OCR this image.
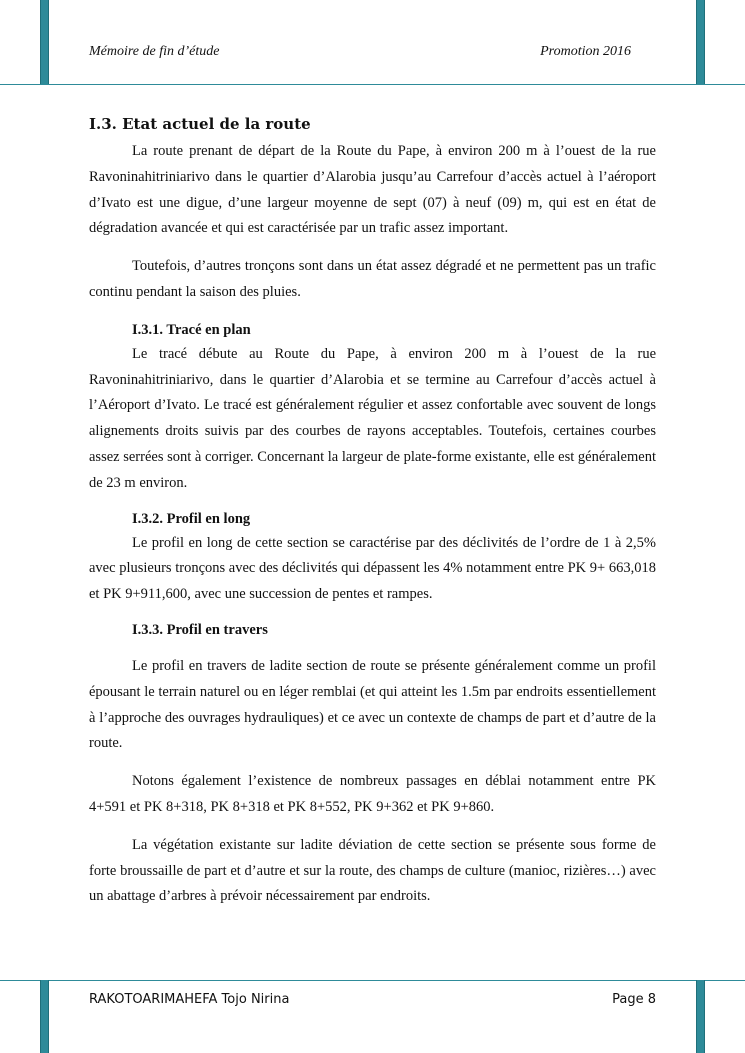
Mémoire de fin d’étude	Promotion 2016
I.3. Etat actuel de la route

La route prenant de départ de la Route du Pape, à environ 200 m à l’ouest de la rue Ravoninahitriniarivo dans le quartier d’Alarobia jusqu’au Carrefour d’accès actuel à l’aéroport d’Ivato est une digue, d’une largeur moyenne de sept (07) à neuf (09) m, qui est en état de dégradation avancée et qui est caractérisée par un trafic assez important.

Toutefois, d’autres tronçons sont dans un état assez dégradé et ne permettent pas un trafic continu pendant la saison des pluies.

I.3.1. Tracé en plan

Le tracé débute au Route du Pape, à environ 200 m à l’ouest de la rue Ravoninahitriniarivo, dans le quartier d’Alarobia et se termine au Carrefour d’accès actuel à l’Aéroport d’Ivato. Le tracé est généralement régulier et assez confortable avec souvent de longs alignements droits suivis par des courbes de rayons acceptables. Toutefois, certaines courbes assez serrées sont à corriger. Concernant la largeur de plate-forme existante, elle est généralement de 23 m environ.

I.3.2. Profil en long

Le profil en long de cette section se caractérise par des déclivités de l’ordre de 1 à 2,5% avec plusieurs tronçons avec des déclivités qui dépassent les 4% notamment entre PK 9+ 663,018 et PK 9+911,600, avec une succession de pentes et rampes.

I.3.3. Profil en travers

Le profil en travers de ladite section de route se présente généralement comme un profil épousant le terrain naturel ou en léger remblai (et qui atteint les 1.5m par endroits essentiellement à l’approche des ouvrages hydrauliques) et ce avec un contexte de champs de part et d’autre de la route.

Notons également l’existence de nombreux passages en déblai notamment entre PK 4+591 et PK 8+318, PK 8+318 et PK 8+552, PK 9+362 et PK 9+860.

La végétation existante sur ladite déviation de cette section se présente sous forme de forte broussaille de part et d’autre et sur la route, des champs de culture (manioc, rizières…) avec un abattage d’arbres à prévoir nécessairement par endroits.

RAKOTOARIMAHEFA Tojo Nirina	Page 8
